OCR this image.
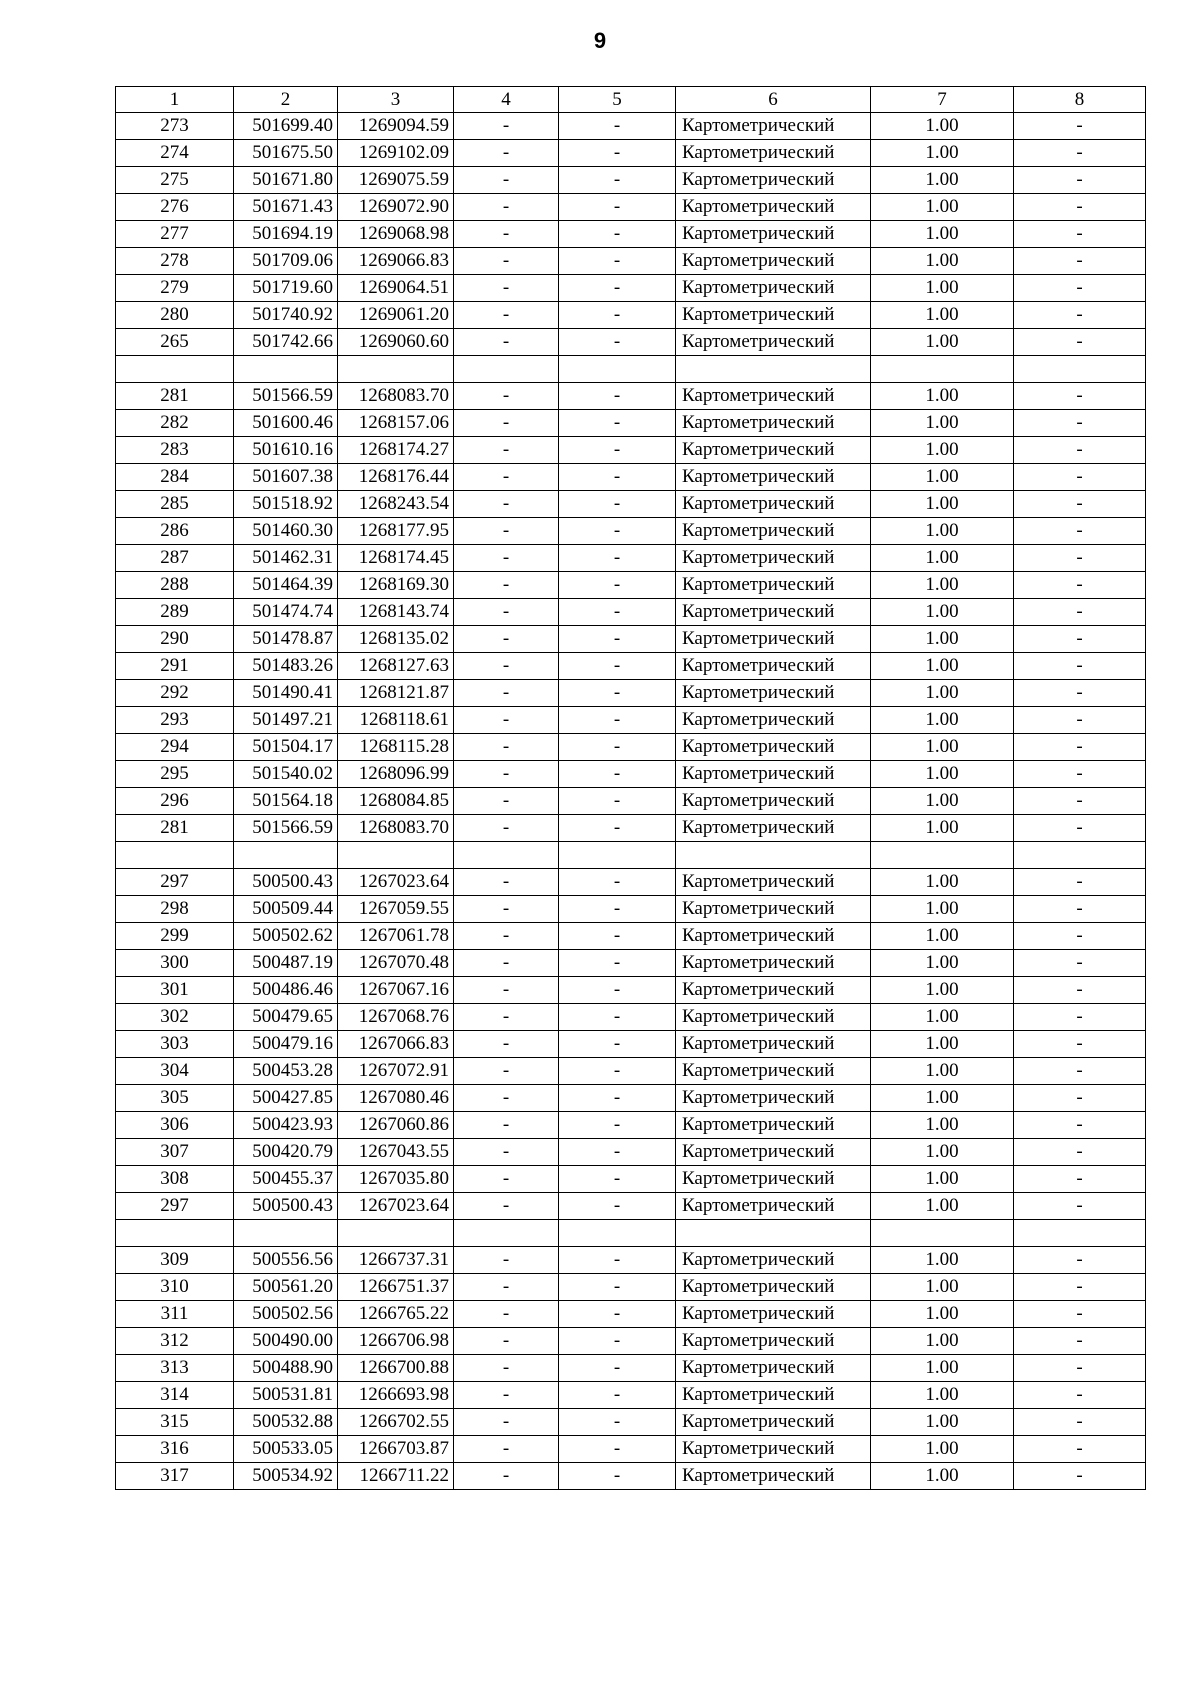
9
1	2	3	4	5	6	7	8
273	501699.40	1269094.59	-	-	Картометрический	1.00	-
274	501675.50	1269102.09	-	-	Картометрический	1.00	-
275	501671.80	1269075.59	-	-	Картометрический	1.00	-
276	501671.43	1269072.90	-	-	Картометрический	1.00	-
277	501694.19	1269068.98	-	-	Картометрический	1.00	-
278	501709.06	1269066.83	-	-	Картометрический	1.00	-
279	501719.60	1269064.51	-	-	Картометрический	1.00	-
280	501740.92	1269061.20	-	-	Картометрический	1.00	-
265	501742.66	1269060.60	-	-	Картометрический	1.00	-

281	501566.59	1268083.70	-	-	Картометрический	1.00	-
282	501600.46	1268157.06	-	-	Картометрический	1.00	-
283	501610.16	1268174.27	-	-	Картометрический	1.00	-
284	501607.38	1268176.44	-	-	Картометрический	1.00	-
285	501518.92	1268243.54	-	-	Картометрический	1.00	-
286	501460.30	1268177.95	-	-	Картометрический	1.00	-
287	501462.31	1268174.45	-	-	Картометрический	1.00	-
288	501464.39	1268169.30	-	-	Картометрический	1.00	-
289	501474.74	1268143.74	-	-	Картометрический	1.00	-
290	501478.87	1268135.02	-	-	Картометрический	1.00	-
291	501483.26	1268127.63	-	-	Картометрический	1.00	-
292	501490.41	1268121.87	-	-	Картометрический	1.00	-
293	501497.21	1268118.61	-	-	Картометрический	1.00	-
294	501504.17	1268115.28	-	-	Картометрический	1.00	-
295	501540.02	1268096.99	-	-	Картометрический	1.00	-
296	501564.18	1268084.85	-	-	Картометрический	1.00	-
281	501566.59	1268083.70	-	-	Картометрический	1.00	-

297	500500.43	1267023.64	-	-	Картометрический	1.00	-
298	500509.44	1267059.55	-	-	Картометрический	1.00	-
299	500502.62	1267061.78	-	-	Картометрический	1.00	-
300	500487.19	1267070.48	-	-	Картометрический	1.00	-
301	500486.46	1267067.16	-	-	Картометрический	1.00	-
302	500479.65	1267068.76	-	-	Картометрический	1.00	-
303	500479.16	1267066.83	-	-	Картометрический	1.00	-
304	500453.28	1267072.91	-	-	Картометрический	1.00	-
305	500427.85	1267080.46	-	-	Картометрический	1.00	-
306	500423.93	1267060.86	-	-	Картометрический	1.00	-
307	500420.79	1267043.55	-	-	Картометрический	1.00	-
308	500455.37	1267035.80	-	-	Картометрический	1.00	-
297	500500.43	1267023.64	-	-	Картометрический	1.00	-

309	500556.56	1266737.31	-	-	Картометрический	1.00	-
310	500561.20	1266751.37	-	-	Картометрический	1.00	-
311	500502.56	1266765.22	-	-	Картометрический	1.00	-
312	500490.00	1266706.98	-	-	Картометрический	1.00	-
313	500488.90	1266700.88	-	-	Картометрический	1.00	-
314	500531.81	1266693.98	-	-	Картометрический	1.00	-
315	500532.88	1266702.55	-	-	Картометрический	1.00	-
316	500533.05	1266703.87	-	-	Картометрический	1.00	-
317	500534.92	1266711.22	-	-	Картометрический	1.00	-
